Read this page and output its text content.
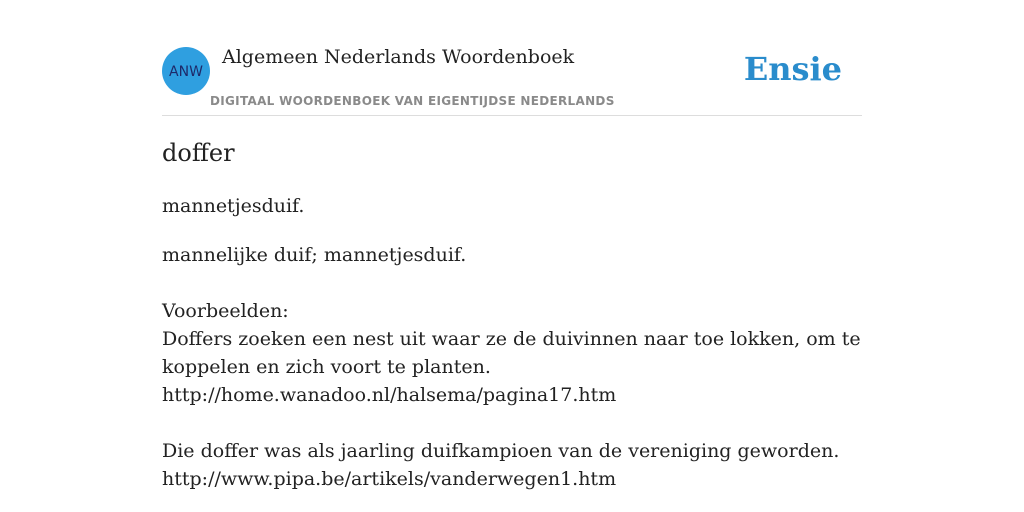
ANW
Algemeen Nederlands Woordenboek
DIGITAAL WOORDENBOEK VAN EIGENTIJDSE NEDERLANDS
Ensie
doffer
mannetjesduif.

mannelijke duif; mannetjesduif.

Voorbeelden:

Doffers zoeken een nest uit waar ze de duivinnen naar toe lokken, om te

koppelen en zich voort te planten.

http://home.wanadoo.nl/halsema/pagina17.htm

Die doffer was als jaarling duifkampioen van de vereniging geworden.

http://www.pipa.be/artikels/vanderwegen1.htm
